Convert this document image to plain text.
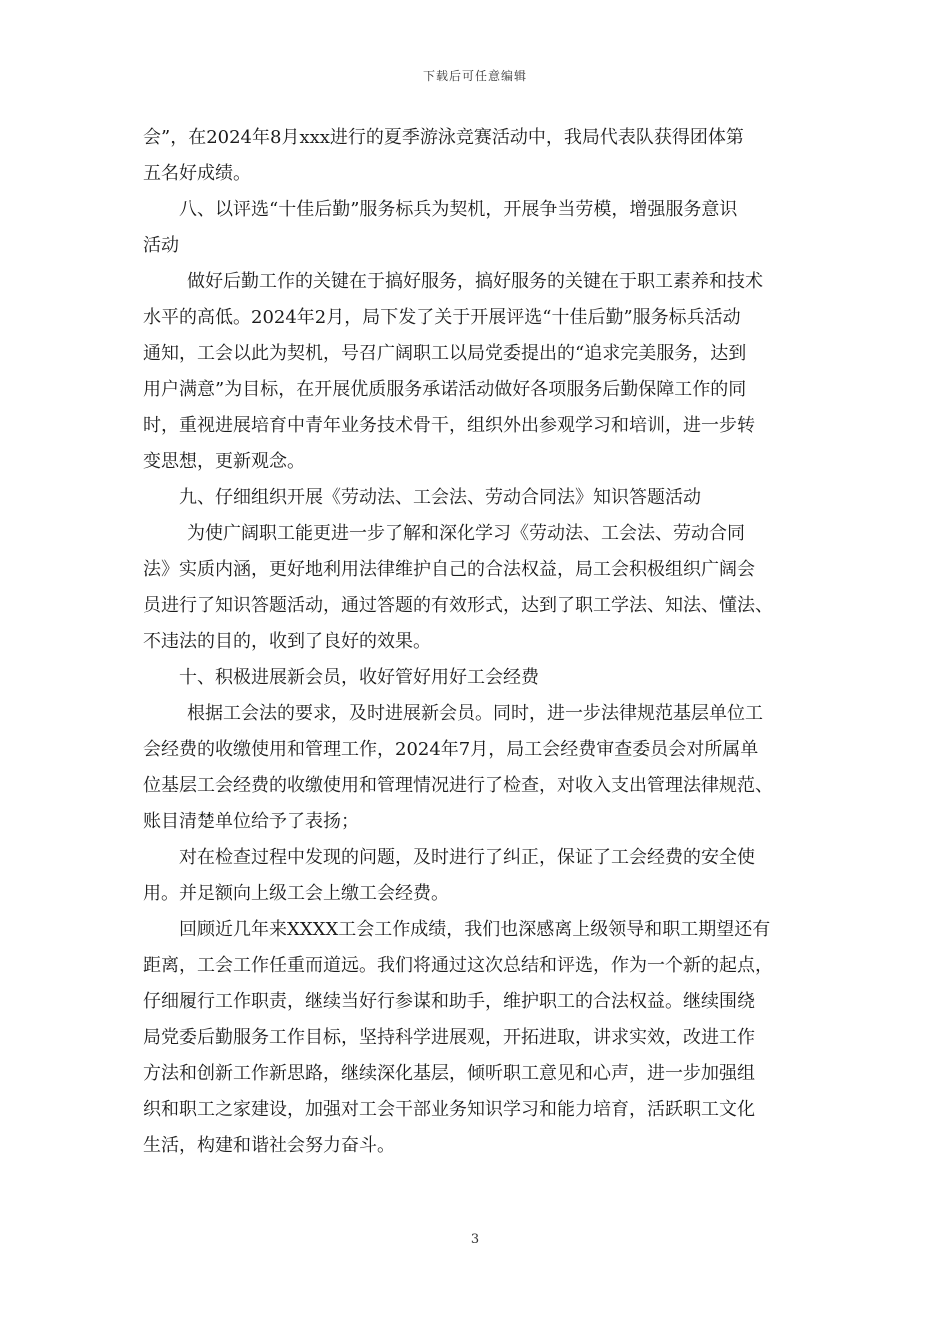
下载后可任意编辑
会”，在2024年8月xxx进行的夏季游泳竞赛活动中，我局代表队获得团体第
五名好成绩。
八、以评选“十佳后勤”服务标兵为契机，开展争当劳模，增强服务意识
活动
做好后勤工作的关键在于搞好服务，搞好服务的关键在于职工素养和技术
水平的高低。2024年2月，局下发了关于开展评选“十佳后勤”服务标兵活动
通知，工会以此为契机，号召广阔职工以局党委提出的“追求完美服务，达到
用户满意”为目标，在开展优质服务承诺活动做好各项服务后勤保障工作的同
时，重视进展培育中青年业务技术骨干，组织外出参观学习和培训，进一步转
变思想，更新观念。
九、仔细组织开展《劳动法、工会法、劳动合同法》知识答题活动
为使广阔职工能更进一步了解和深化学习《劳动法、工会法、劳动合同
法》实质内涵，更好地利用法律维护自己的合法权益，局工会积极组织广阔会
员进行了知识答题活动，通过答题的有效形式，达到了职工学法、知法、懂法、
不违法的目的，收到了良好的效果。
十、积极进展新会员，收好管好用好工会经费
根据工会法的要求，及时进展新会员。同时，进一步法律规范基层单位工
会经费的收缴使用和管理工作，2024年7月，局工会经费审查委员会对所属单
位基层工会经费的收缴使用和管理情况进行了检查，对收入支出管理法律规范、
账目清楚单位给予了表扬；
对在检查过程中发现的问题，及时进行了纠正，保证了工会经费的安全使
用。并足额向上级工会上缴工会经费。
回顾近几年来XXXX工会工作成绩，我们也深感离上级领导和职工期望还有
距离，工会工作任重而道远。我们将通过这次总结和评选，作为一个新的起点，
仔细履行工作职责，继续当好行参谋和助手，维护职工的合法权益。继续围绕
局党委后勤服务工作目标，坚持科学进展观，开拓进取，讲求实效，改进工作
方法和创新工作新思路，继续深化基层，倾听职工意见和心声，进一步加强组
织和职工之家建设，加强对工会干部业务知识学习和能力培育，活跃职工文化
生活，构建和谐社会努力奋斗。
3
